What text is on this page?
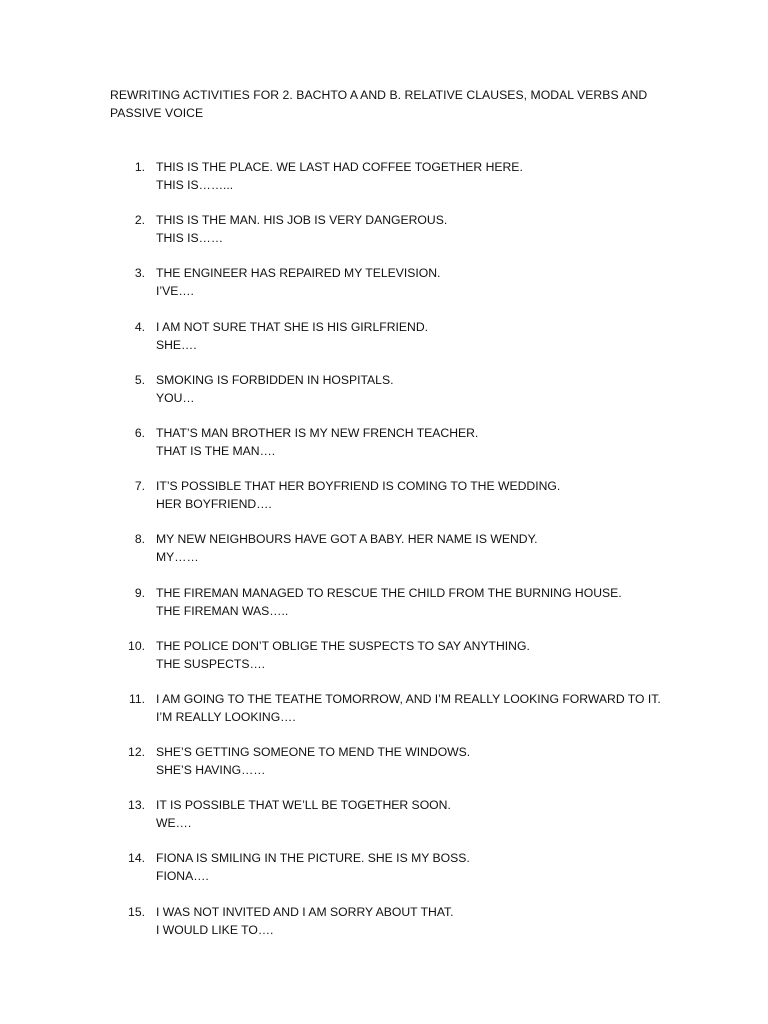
REWRITING ACTIVITIES FOR 2. BACHTO A AND B. RELATIVE CLAUSES, MODAL VERBS AND PASSIVE VOICE
1. THIS IS THE PLACE. WE LAST HAD COFFEE TOGETHER HERE.
THIS IS……...
2. THIS IS THE MAN. HIS JOB IS VERY DANGEROUS.
THIS IS……
3. THE ENGINEER HAS REPAIRED MY TELEVISION.
I’VE….
4. I AM NOT SURE THAT SHE IS HIS GIRLFRIEND.
SHE….
5. SMOKING IS FORBIDDEN IN HOSPITALS.
YOU…
6. THAT’S MAN BROTHER IS MY NEW FRENCH TEACHER.
THAT IS THE MAN….
7. IT’S POSSIBLE THAT HER BOYFRIEND IS COMING TO THE WEDDING.
HER BOYFRIEND….
8. MY NEW NEIGHBOURS HAVE GOT A BABY. HER NAME IS WENDY.
MY……
9. THE FIREMAN MANAGED TO RESCUE THE CHILD FROM THE BURNING HOUSE.
THE FIREMAN WAS…..
10. THE POLICE DON’T OBLIGE THE SUSPECTS TO SAY ANYTHING.
THE SUSPECTS….
11. I AM GOING TO THE TEATHE TOMORROW, AND I’M REALLY LOOKING FORWARD TO IT.
I’M REALLY LOOKING….
12. SHE’S GETTING SOMEONE TO MEND THE WINDOWS.
SHE’S HAVING……
13. IT IS POSSIBLE THAT WE’LL BE TOGETHER SOON.
WE….
14. FIONA IS SMILING IN THE PICTURE. SHE IS MY BOSS.
FIONA….
15. I WAS NOT INVITED AND I AM SORRY ABOUT THAT.
I WOULD LIKE TO….
